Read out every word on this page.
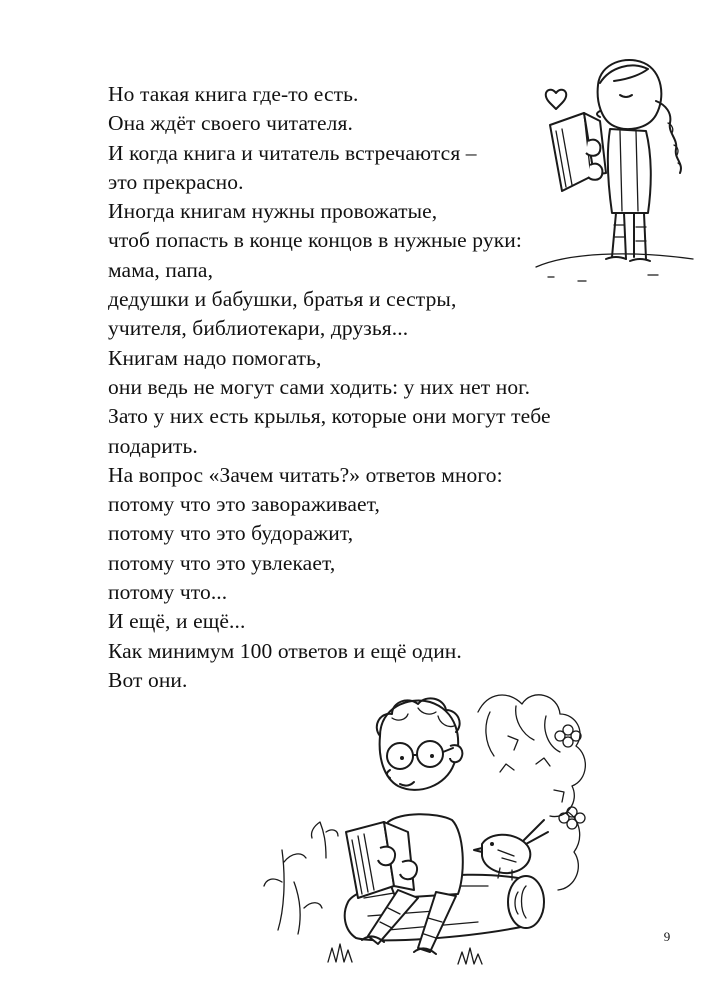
Но такая книга где-то есть.
Она ждёт своего читателя.
И когда книга и читатель встречаются –
это прекрасно.
Иногда книгам нужны провожатые,
чтоб попасть в конце концов в нужные руки:
мама, папа,
дедушки и бабушки, братья и сестры,
учителя, библиотекари, друзья...
Книгам надо помогать,
они ведь не могут сами ходить: у них нет ног.
Зато у них есть крылья, которые они могут тебе
подарить.
На вопрос «Зачем читать?» ответов много:
потому что это завораживает,
потому что это будоражит,
потому что это увлекает,
потому что...
И ещё, и ещё...
Как минимум 100 ответов и ещё один.
Вот они.
9
